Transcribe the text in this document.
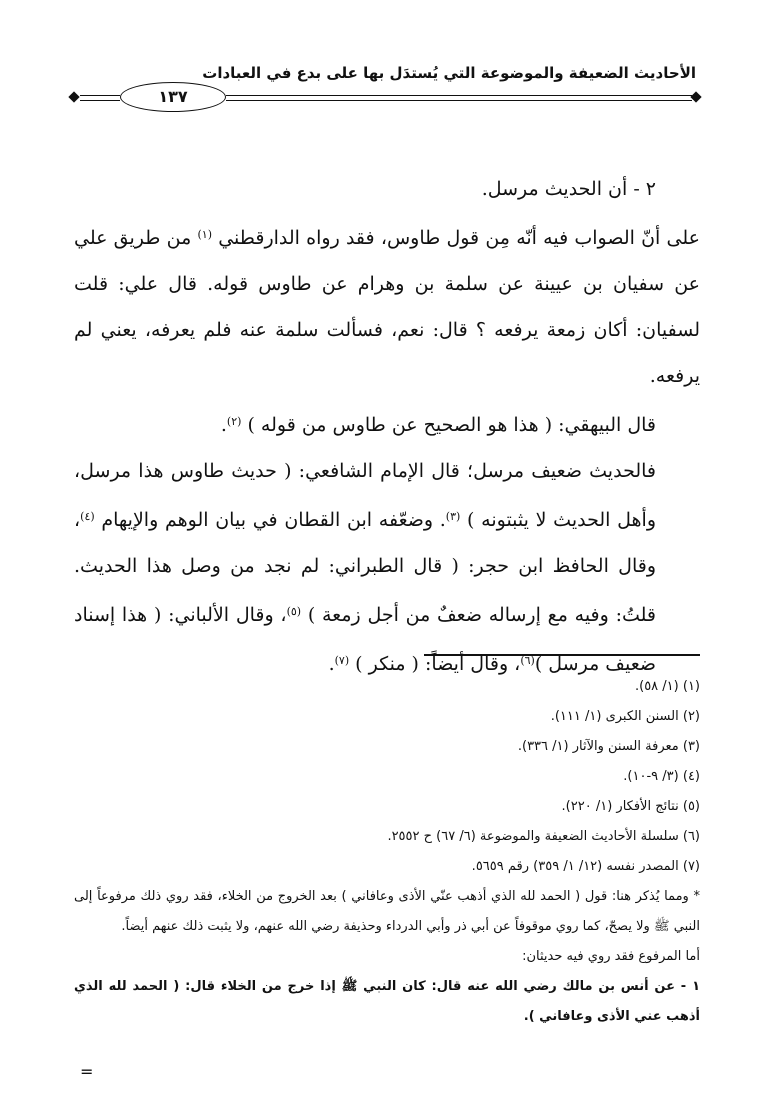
الأحاديث الضعيفة والموضوعة التي يُستدَل بها على بدع في العبادات
١٣٧

٢ - أن الحديث مرسل.

على أنّ الصواب فيه أنّه مِن قول طاوس، فقد رواه الدارقطني $^{(١)}$ من طريق علي عن سفيان بن عيينة عن سلمة بن وهرام عن طاوس قوله. قال علي: قلت لسفيان: أكان زمعة يرفعه ؟ قال: نعم، فسألت سلمة عنه فلم يعرفه، يعني لم يرفعه.

قال البيهقي: ( هذا هو الصحيح عن طاوس من قوله ) $^{(٢)}$.

فالحديث ضعيف مرسل؛ قال الإمام الشافعي: ( حديث طاوس هذا مرسل، وأهل الحديث لا يثبتونه ) $^{(٣)}$. وضعّفه ابن القطان في بيان الوهم والإيهام $^{(٤)}$، وقال الحافظ ابن حجر: ( قال الطبراني: لم نجد من وصل هذا الحديث. قلتُ: وفيه مع إرساله ضعفٌ من أجل زمعة ) $^{(٥)}$، وقال الألباني: ( هذا إسناد ضعيف مرسل )$^{(٦)}$، وقال أيضاً: ( منكر ) $^{(٧)}$.

(١) (١/ ٥٨).

(٢) السنن الكبرى (١/ ١١١).

(٣) معرفة السنن والآثار (١/ ٣٣٦).

(٤) (٣/ ٩-١٠).

(٥) نتائج الأفكار (١/ ٢٢٠).

(٦) سلسلة الأحاديث الضعيفة والموضوعة (٦/ ٦٧) ح ٢٥٥٢.

(٧) المصدر نفسه (١٢/ ١/ ٣٥٩) رقم ٥٦٥٩.

* ومما يُذكر هنا: قول ( الحمد لله الذي أذهب عنّي الأذى وعافاني ) بعد الخروج من الخلاء، فقد روي ذلك مرفوعاً إلى النبي ﷺ ولا يصحّ، كما روي موقوفاً عن أبي ذر وأبي الدرداء وحذيفة رضي الله عنهم، ولا يثبت ذلك عنهم أيضاً.

أما المرفوع فقد روي فيه حديثان:

١ - عن أنس بن مالك رضي الله عنه قال: كان النبي ﷺ إذا خرج من الخلاء قال: ( الحمد لله الذي أذهب عني الأذى وعافاني ).

=
